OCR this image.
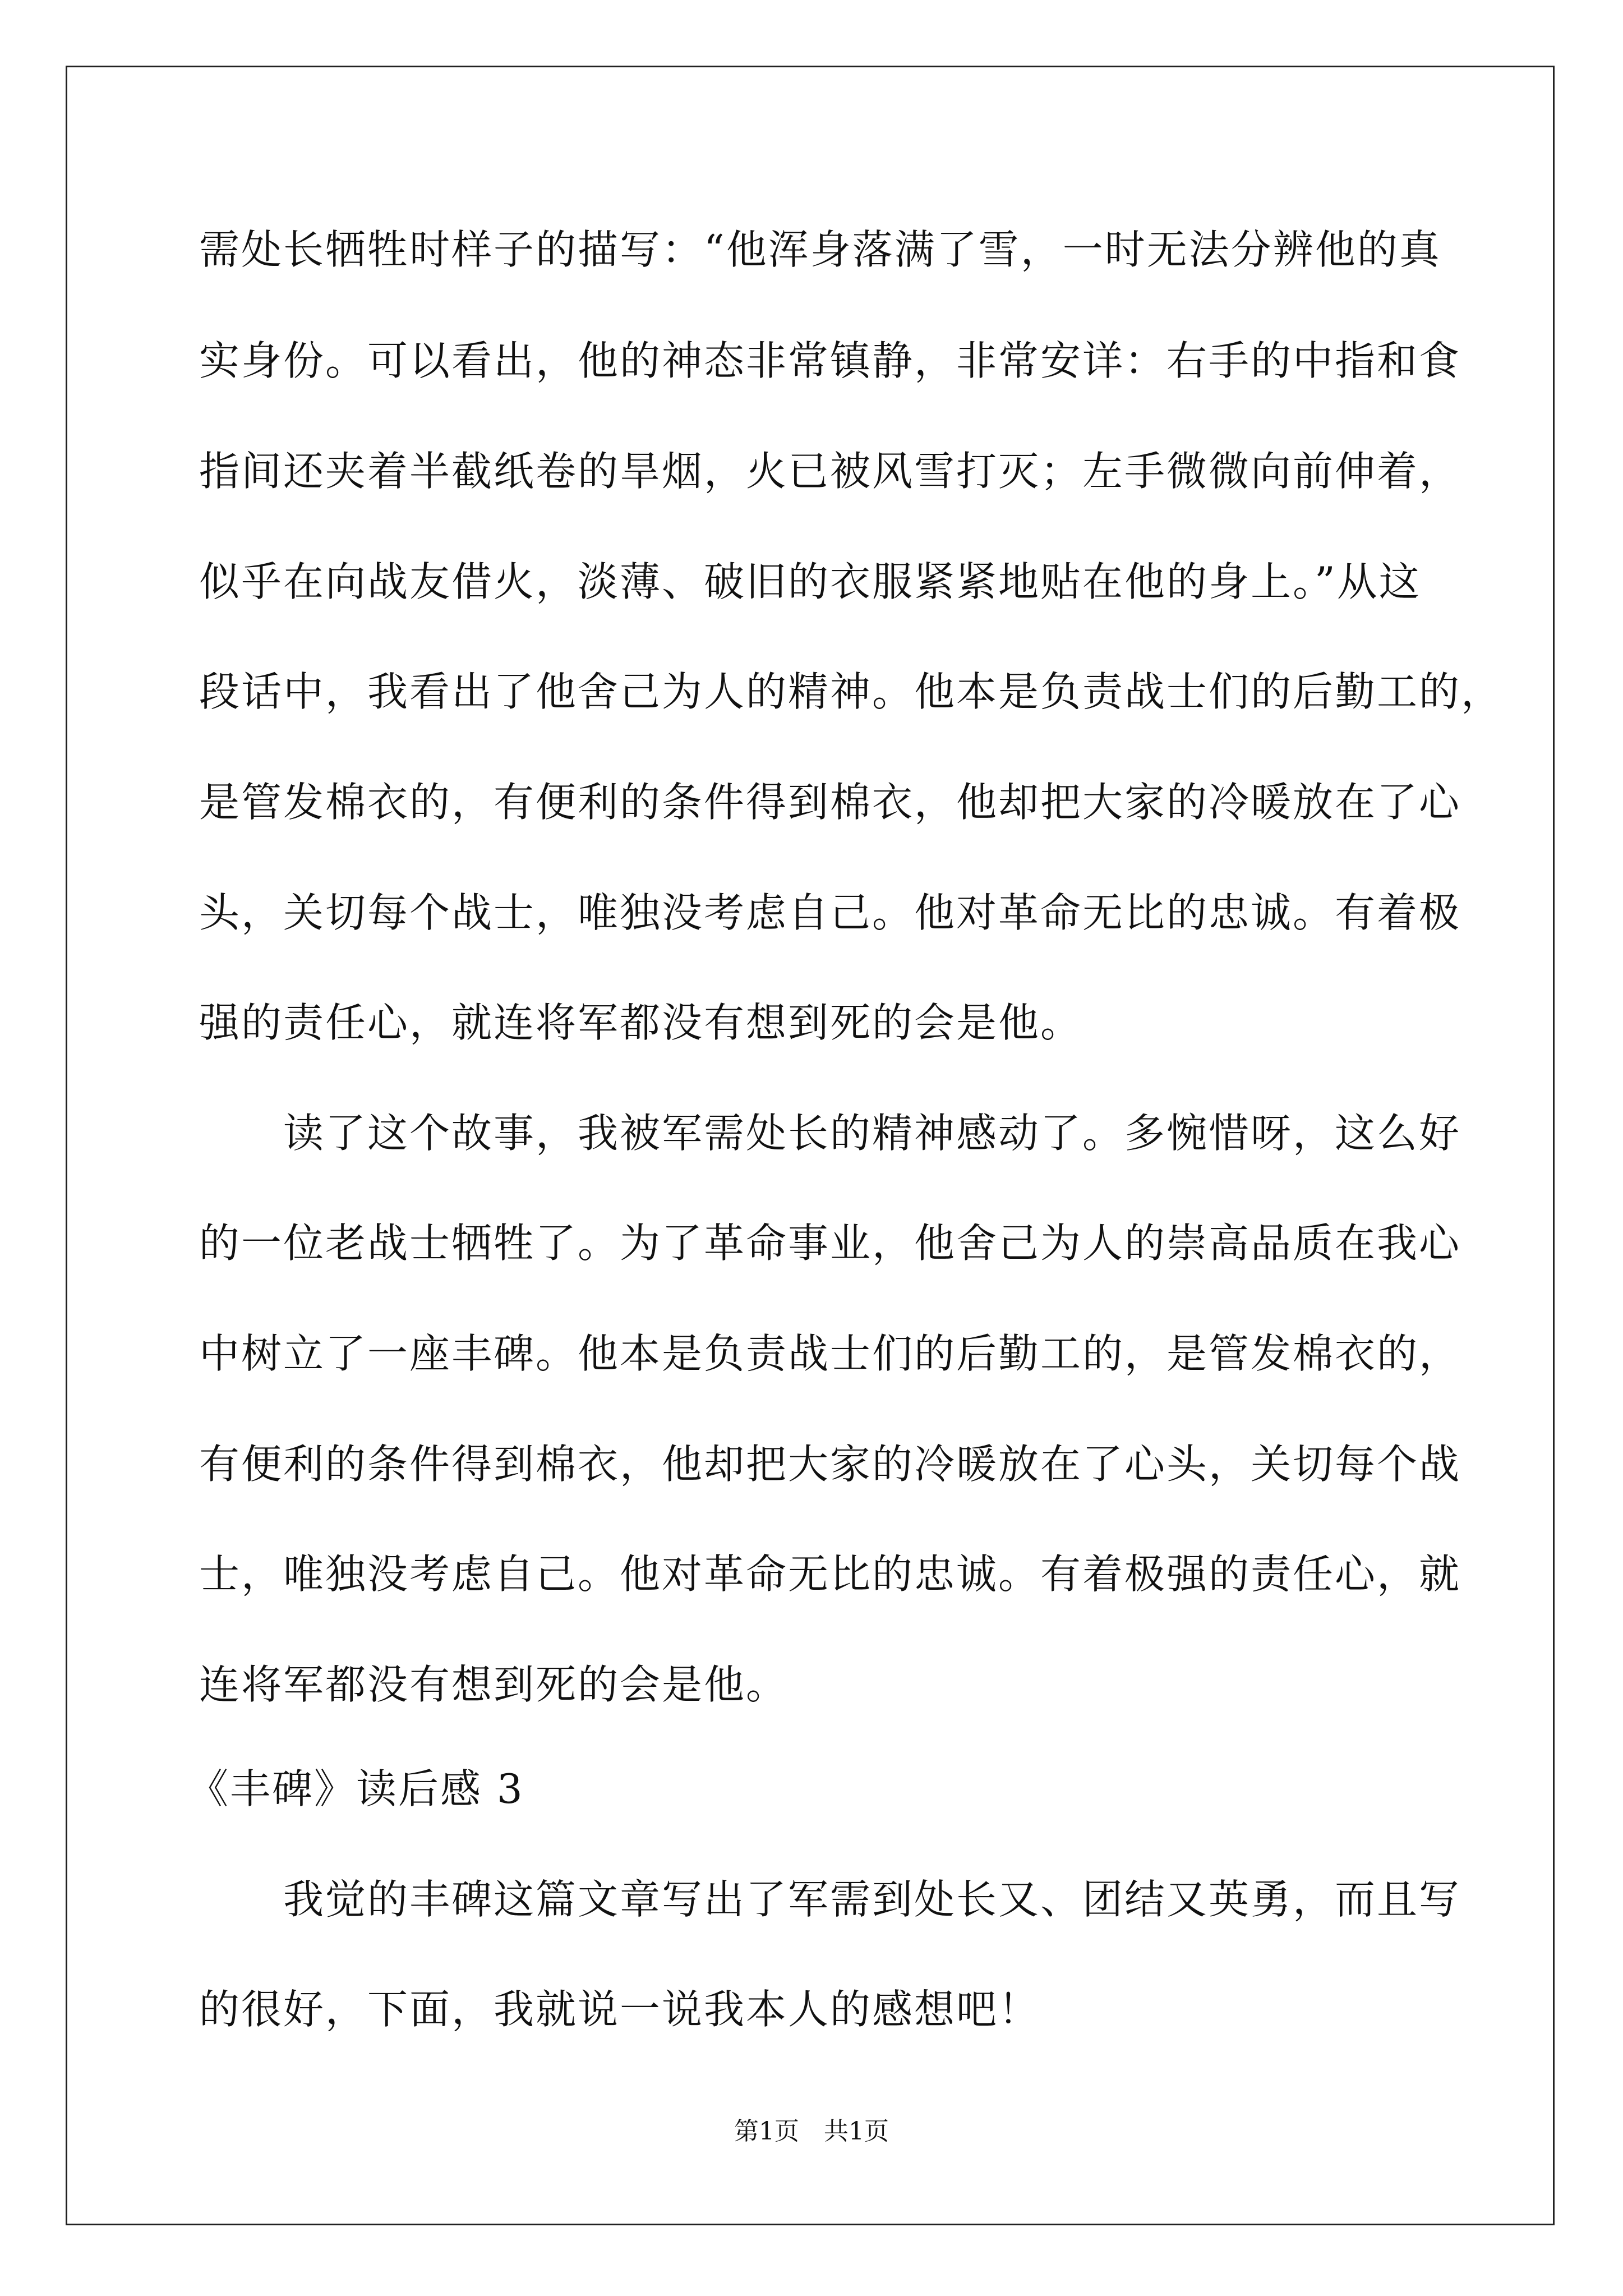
需处长牺牲时样子的描写：“他浑身落满了雪，一时无法分辨他的真
实身份。可以看出，他的神态非常镇静，非常安详：右手的中指和食
指间还夹着半截纸卷的旱烟，火已被风雪打灭；左手微微向前伸着，
似乎在向战友借火，淡薄、破旧的衣服紧紧地贴在他的身上。”从这
段话中，我看出了他舍己为人的精神。他本是负责战士们的后勤工的，
是管发棉衣的，有便利的条件得到棉衣，他却把大家的冷暖放在了心
头，关切每个战士，唯独没考虑自己。他对革命无比的忠诚。有着极
强的责任心，就连将军都没有想到死的会是他。
读了这个故事，我被军需处长的精神感动了。多惋惜呀，这么好
的一位老战士牺牲了。为了革命事业，他舍己为人的崇高品质在我心
中树立了一座丰碑。他本是负责战士们的后勤工的，是管发棉衣的，
有便利的条件得到棉衣，他却把大家的冷暖放在了心头，关切每个战
士，唯独没考虑自己。他对革命无比的忠诚。有着极强的责任心，就
连将军都没有想到死的会是他。
《丰碑》读后感 3
我觉的丰碑这篇文章写出了军需到处长又、团结又英勇，而且写
的很好，下面，我就说一说我本人的感想吧！
第1页　共1页
